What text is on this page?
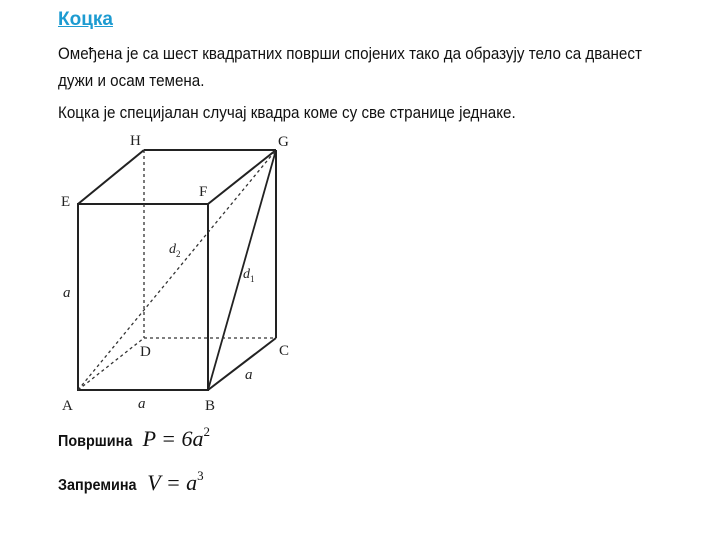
Коцка
Омеђена је са шест квадратних површи спојених тако да образују тело са дванест
дужи и осам темена.
Коцка је специјалан случај квадра коме су све странице једнаке.
A	B
C
D
E
F
G
H
a
a
a
$d_1$
$d_2$
Површина $P = 6a^2$
Запремина $V = a^3$
